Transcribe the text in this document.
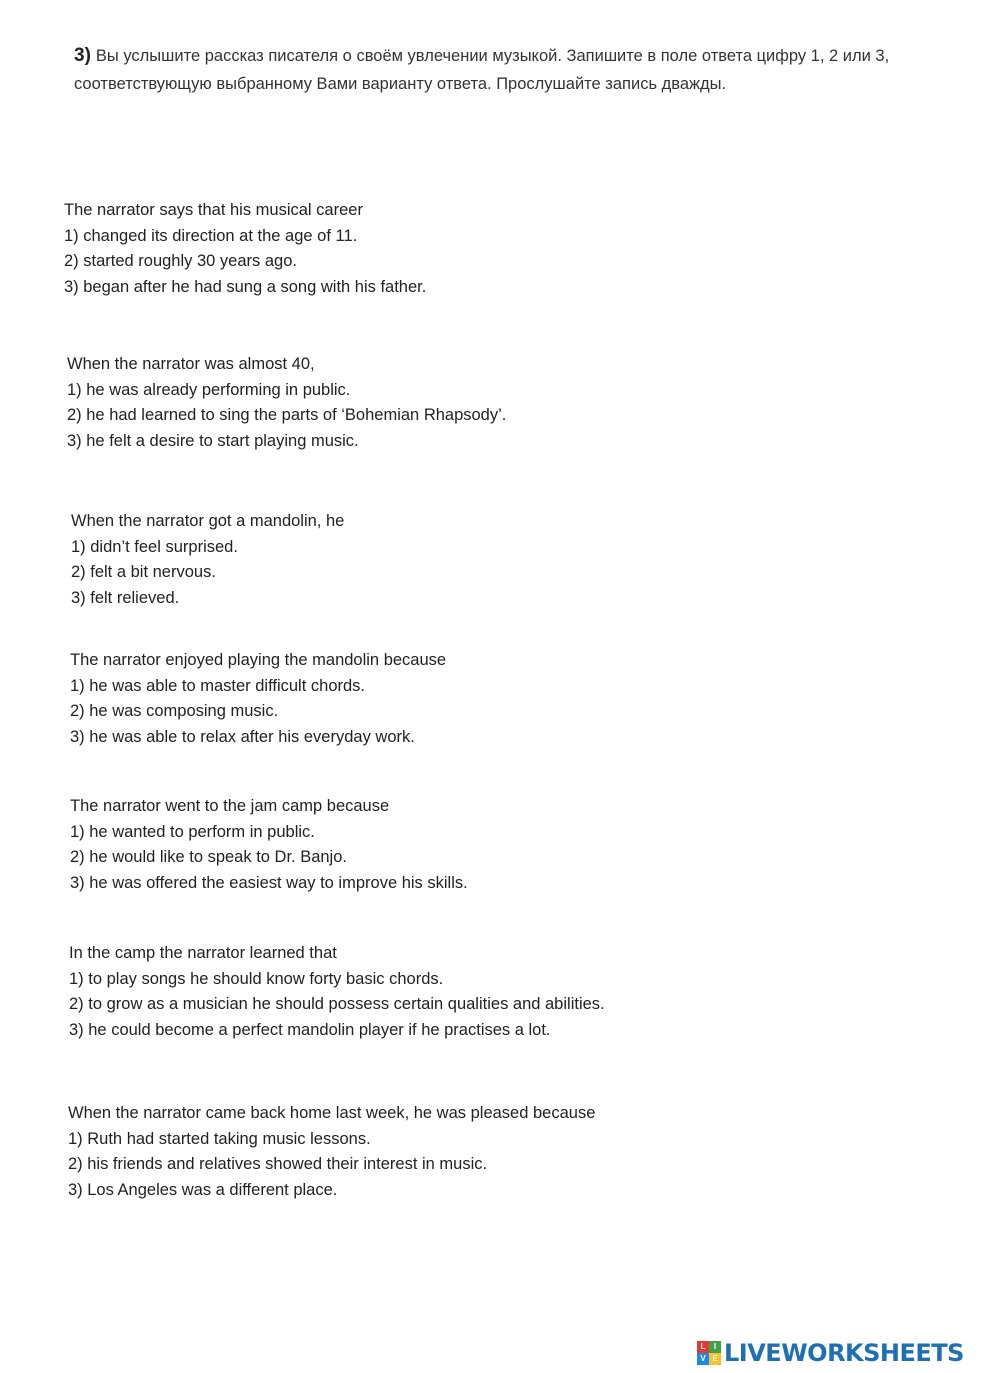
3) Вы услышите рассказ писателя о своём увлечении музыкой. Запишите в поле ответа цифру 1, 2 или 3, соответствующую выбранному Вами варианту ответа. Прослушайте запись дважды.
The narrator says that his musical career
1) changed its direction at the age of 11.
2) started roughly 30 years ago.
3) began after he had sung a song with his father.
When the narrator was almost 40,
1) he was already performing in public.
2) he had learned to sing the parts of ‘Bohemian Rhapsody’.
3) he felt a desire to start playing music.
When the narrator got a mandolin, he
1) didn’t feel surprised.
2) felt a bit nervous.
3) felt relieved.
The narrator enjoyed playing the mandolin because
1) he was able to master difficult chords.
2) he was composing music.
3) he was able to relax after his everyday work.
The narrator went to the jam camp because
1) he wanted to perform in public.
2) he would like to speak to Dr. Banjo.
3) he was offered the easiest way to improve his skills.
In the camp the narrator learned that
1) to play songs he should know forty basic chords.
2) to grow as a musician he should possess certain qualities and abilities.
3) he could become a perfect mandolin player if he practises a lot.
When the narrator came back home last week, he was pleased because
1) Ruth had started taking music lessons.
2) his friends and relatives showed their interest in music.
3) Los Angeles was a different place.
L	I
V E LIVEWORKSHEETS
